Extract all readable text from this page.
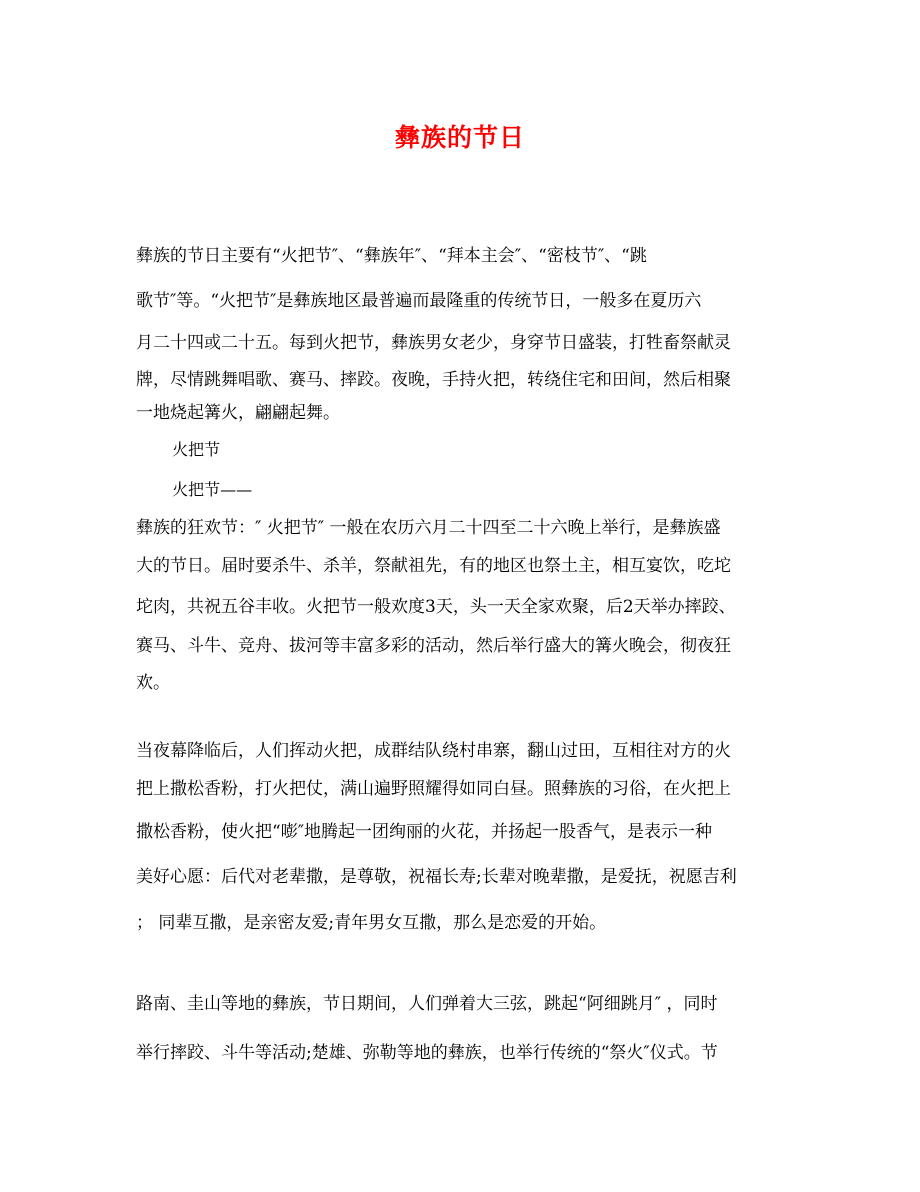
彝族的节日
彝族的节日主要有“火把节″、“彝族年″、“拜本主会″、“密枝节″、“跳
歌节″等。“火把节″是彝族地区最普遍而最隆重的传统节日，一般多在夏历六
月二十四或二十五。每到火把节，彝族男女老少，身穿节日盛装，打牲畜祭献灵
牌，尽情跳舞唱歌、赛马、摔跤。夜晚，手持火把，转绕住宅和田间，然后相聚
一地烧起篝火，翩翩起舞。
火把节
火把节——
彝族的狂欢节：″ 火把节″ 一般在农历六月二十四至二十六晚上举行，是彝族盛
大的节日。届时要杀牛、杀羊，祭献祖先，有的地区也祭土主，相互宴饮，吃坨
坨肉，共祝五谷丰收。火把节一般欢度3天，头一天全家欢聚，后2天举办摔跤、
赛马、斗牛、竞舟、拔河等丰富多彩的活动，然后举行盛大的篝火晚会，彻夜狂
欢。
当夜幕降临后，人们挥动火把，成群结队绕村串寨，翻山过田，互相往对方的火
把上撒松香粉，打火把仗，满山遍野照耀得如同白昼。照彝族的习俗，在火把上
撒松香粉，使火把“嘭″地腾起一团绚丽的火花，并扬起一股香气，是表示一种
美好心愿：后代对老辈撒，是尊敬，祝福长寿;长辈对晚辈撒，是爱抚，祝愿吉利
； 同辈互撒，是亲密友爱;青年男女互撒，那么是恋爱的开始。
路南、圭山等地的彝族，节日期间，人们弹着大三弦，跳起“阿细跳月″ ，同时
举行摔跤、斗牛等活动;楚雄、弥勒等地的彝族，也举行传统的“祭火″仪式。节
